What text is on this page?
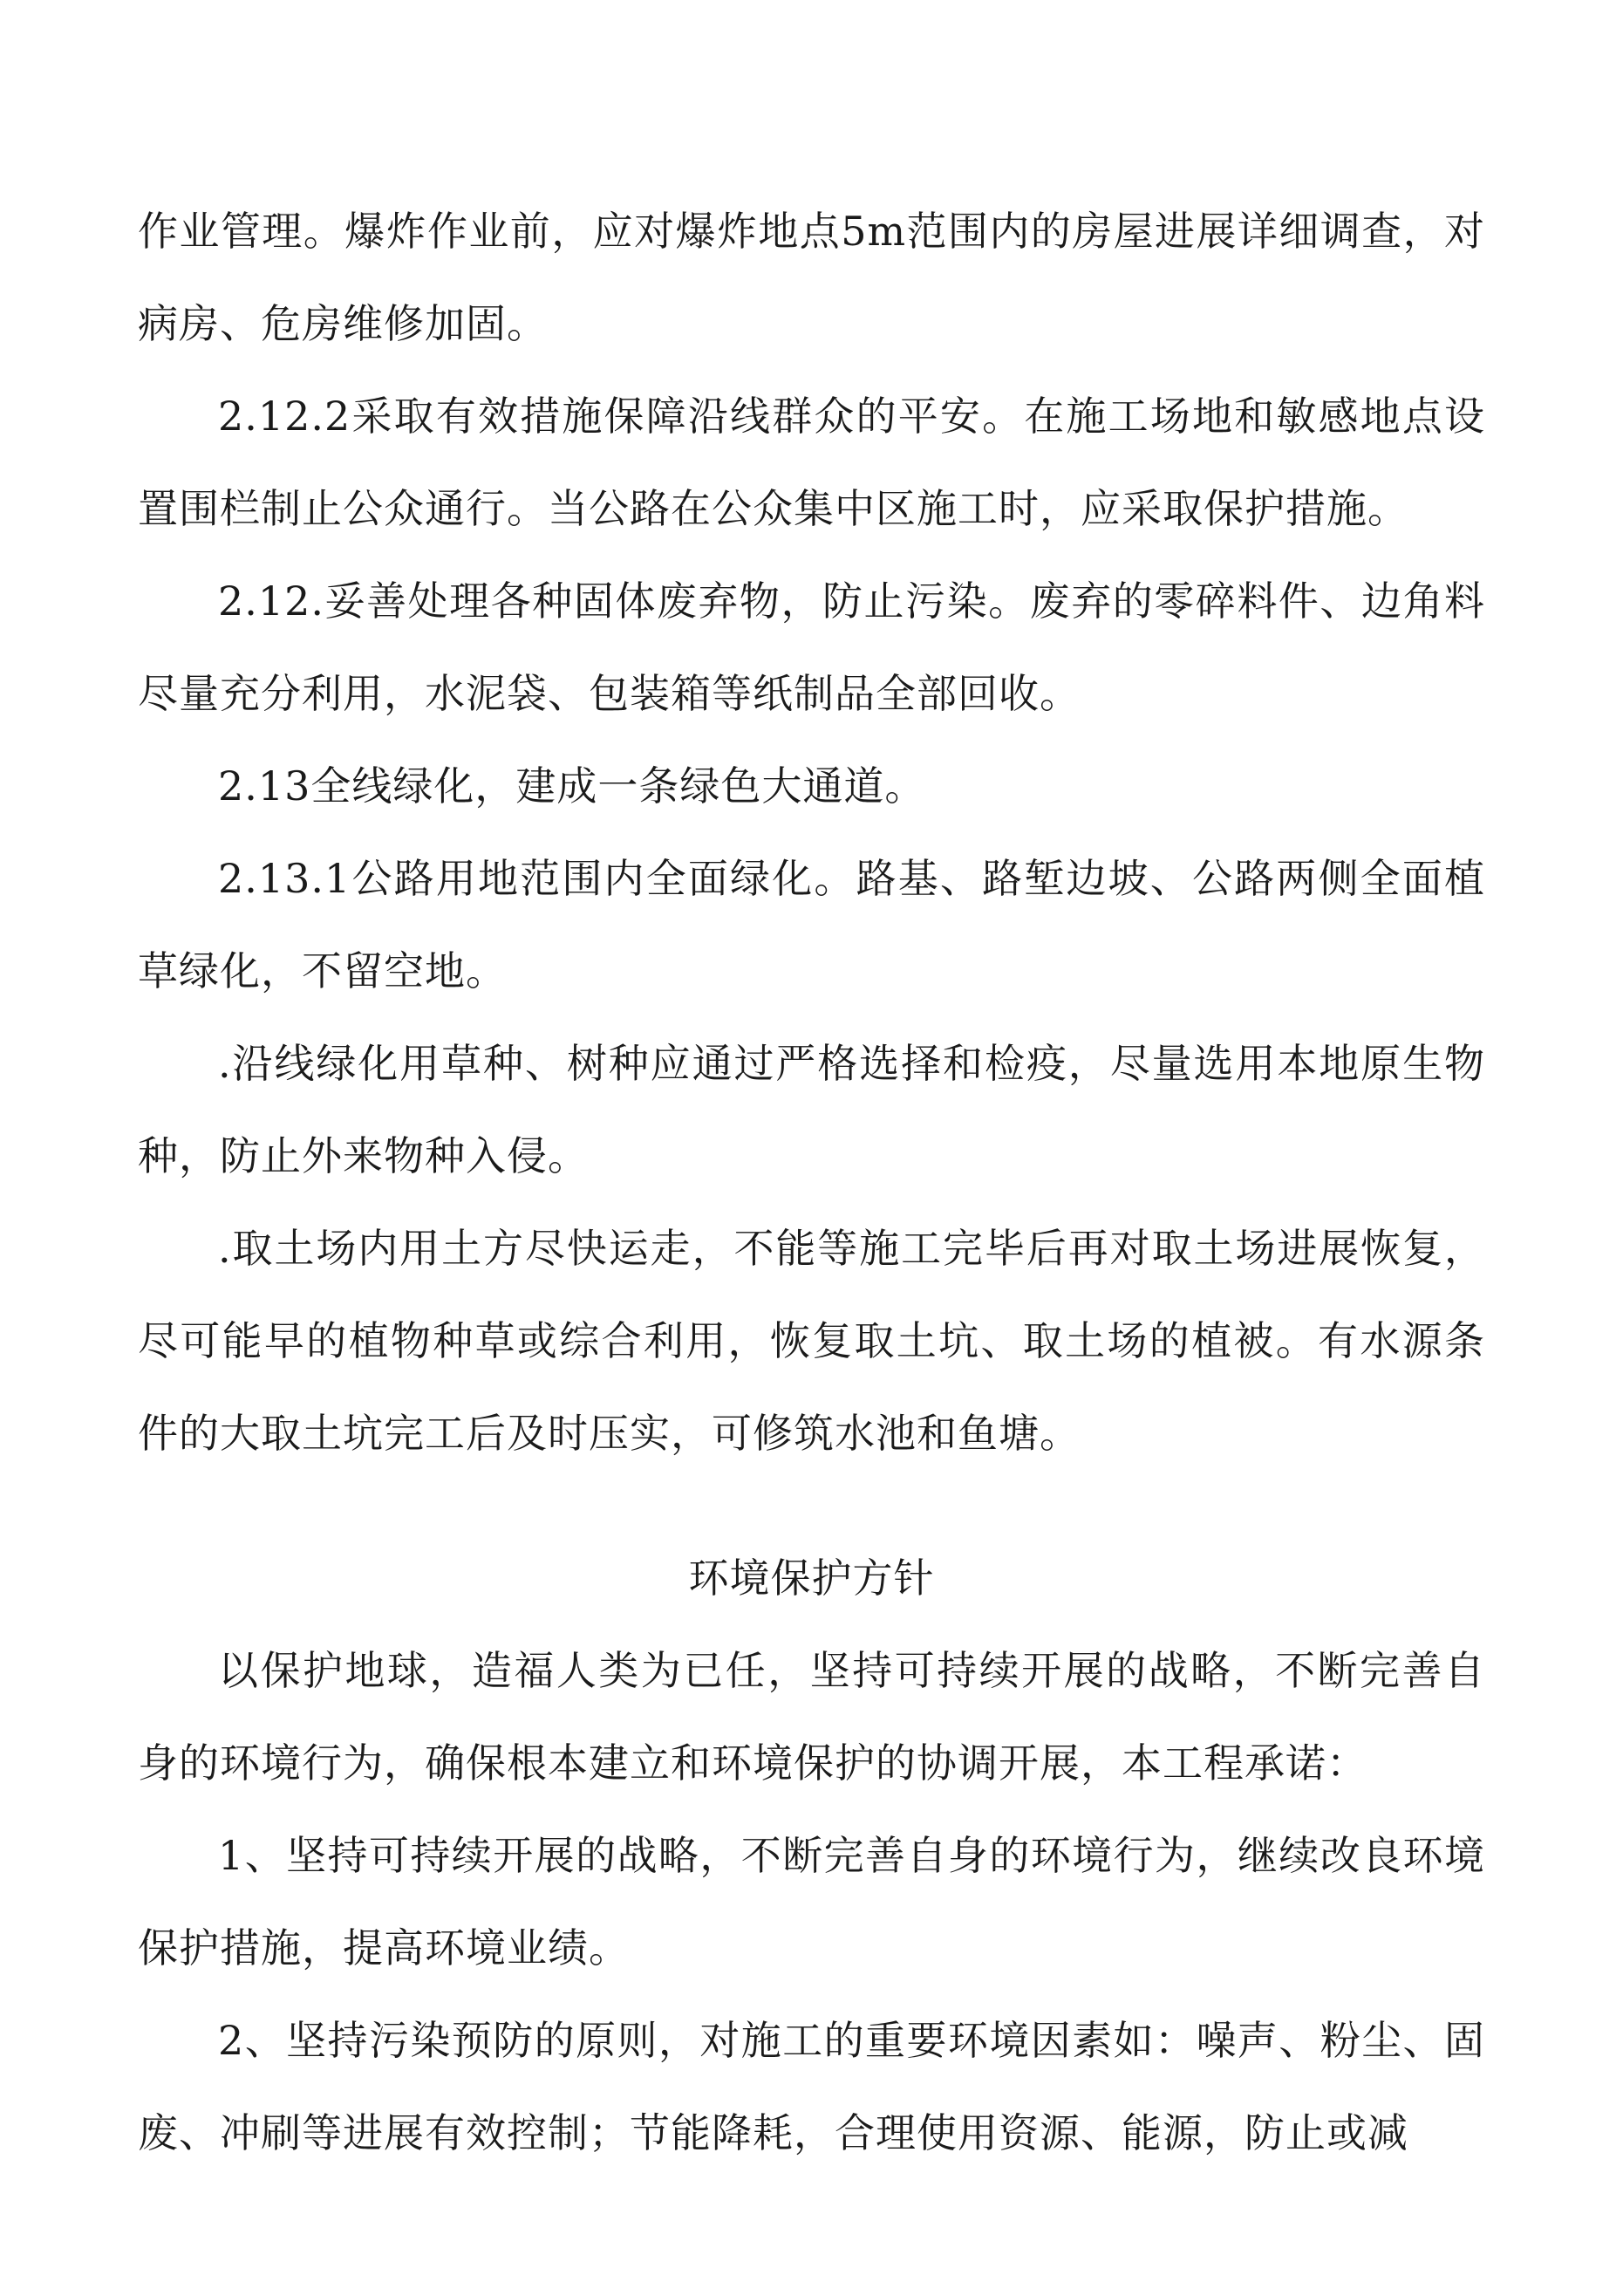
作业管理。爆炸作业前，应对爆炸地点5m范围内的房屋进展详细调查，对病房、危房维修加固。

2.12.2采取有效措施保障沿线群众的平安。在施工场地和敏感地点设置围栏制止公众通行。当公路在公众集中区施工时，应采取保护措施。

2.12.妥善处理各种固体废弃物，防止污染。废弃的零碎料件、边角料尽量充分利用，水泥袋、包装箱等纸制品全部回收。

2.13全线绿化，建成一条绿色大通道。

2.13.1公路用地范围内全面绿化。路基、路堑边坡、公路两侧全面植草绿化，不留空地。

.沿线绿化用草种、树种应通过严格选择和检疫，尽量选用本地原生物种，防止外来物种入侵。

.取土场内用土方尽快运走，不能等施工完毕后再对取土场进展恢复，尽可能早的植物种草或综合利用，恢复取土坑、取土场的植被。有水源条件的大取土坑完工后及时压实，可修筑水池和鱼塘。

环境保护方针

以保护地球，造福人类为已任，坚持可持续开展的战略，不断完善自身的环境行为，确保根本建立和环境保护的协调开展，本工程承诺：

1、坚持可持续开展的战略，不断完善自身的环境行为，继续改良环境保护措施，提高环境业绩。

2、坚持污染预防的原则，对施工的重要环境因素如：噪声、粉尘、固废、冲刷等进展有效控制；节能降耗，合理使用资源、能源，防止或减
